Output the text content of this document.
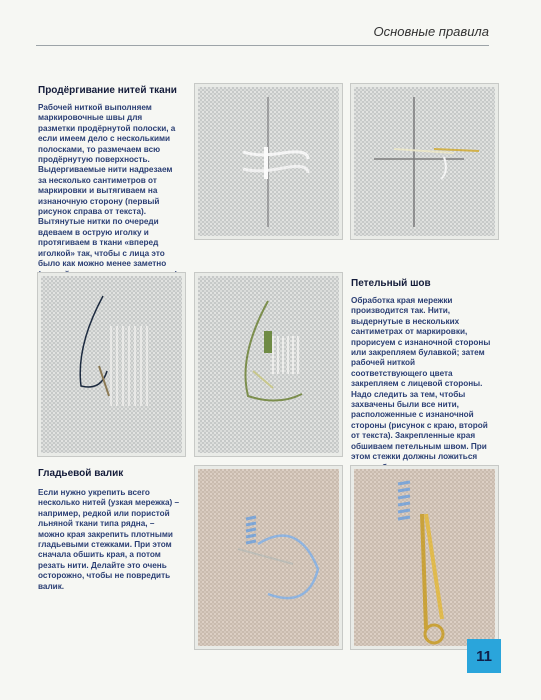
Основные правила
Продёргивание нитей ткани
Рабочей ниткой выполняем маркировочные швы для разметки продёрнутой полоски, а если имеем дело с несколькими полосками, то размечаем всю продёрнутую поверхность. Выдергиваемые нити надрезаем за несколько сантиметров от маркировки и вытягиваем на изнаночную сторону (первый рисунок справа от текста). Вытянутые нитки по очереди вдеваем в острую иголку и протягиваем в ткани «вперед иголкой» так, чтобы с лица это было как можно менее заметно
Петельный шов
Обработка края мережки производится так. Нити, выдернутые в нескольких сантиметрах от маркировки, прорисуем с изнаночной стороны или закрепляем булавкой; затем рабочей ниткой соответствующего цвета закрепляем с лицевой стороны. Надо следить за тем, чтобы захвачены были все нити, расположенные с изнаночной стороны (рисунок с краю, второй от текста). Закрепленные края обшиваем петельным швом. При этом стежки должны ложиться
Гладьевой валик
Если нужно укрепить всего несколько нитей (узкая мережка) – например, редкой или пористой льняной ткани типа рядна, – можно края закрепить плотными гладьевыми стежками. При этом сначала обшить края, а потом резать нити. Делайте это очень осторожно, чтобы не повредить валик.
11
